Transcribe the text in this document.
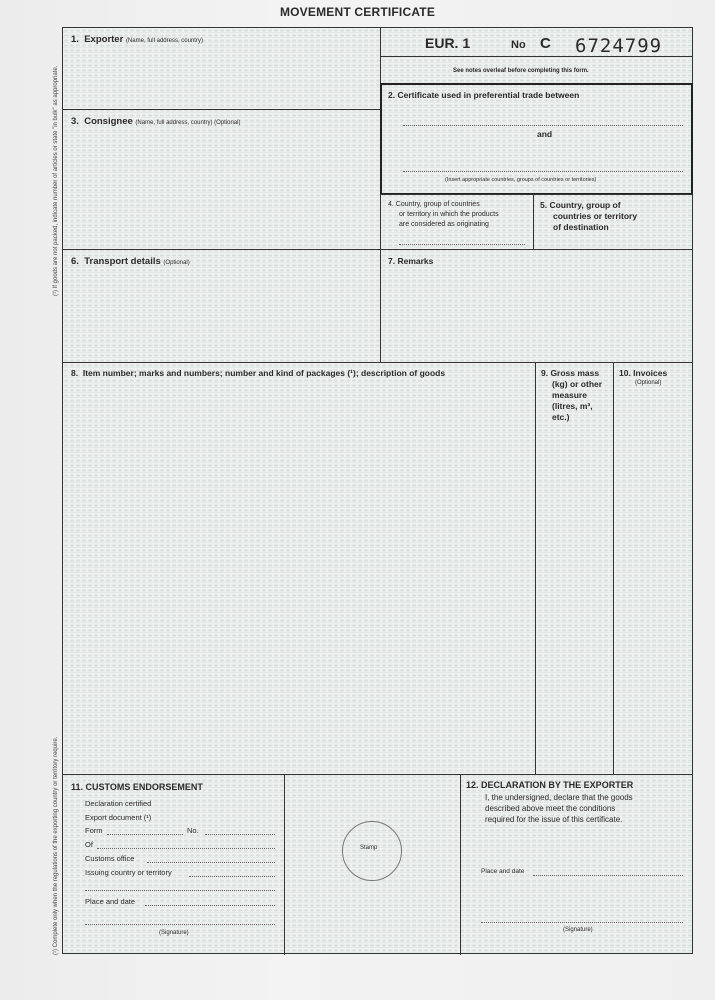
MOVEMENT CERTIFICATE
(¹) If goods are not packed, indicate number of articles or state "in bulk" as appropriate.
(¹) Complete only when the regulations of the exporting country or territory require.
EUR. 1	No C 6724799
See notes overleaf before completing this form.
1. Exporter (Name, full address, country)
2. Certificate used in preferential trade between
and
(Insert appropriate countries, groups of countries or territories)
3. Consignee (Name, full address, country) (Optional)
4. Country, group of countries
or territory in which the products
are considered as originating
5. Country, group of
countries or territory
of destination
6. Transport details (Optional)	7. Remarks
8. Item number; marks and numbers; number and kind of packages (¹); description of goods	9. Gross mass
(kg) or other
measure
(litres, m³,
etc.)
10. Invoices
(Optional)
11. CUSTOMS ENDORSEMENT
Declaration certified
Export document (¹)
Form	No.
Of
Customs office
Issuing country or territory
Place and date
(Signature)
Stamp
12. DECLARATION BY THE EXPORTER
I, the undersigned, declare that the goods
described above meet the conditions
required for the issue of this certificate.
Place and date
(Signature)
